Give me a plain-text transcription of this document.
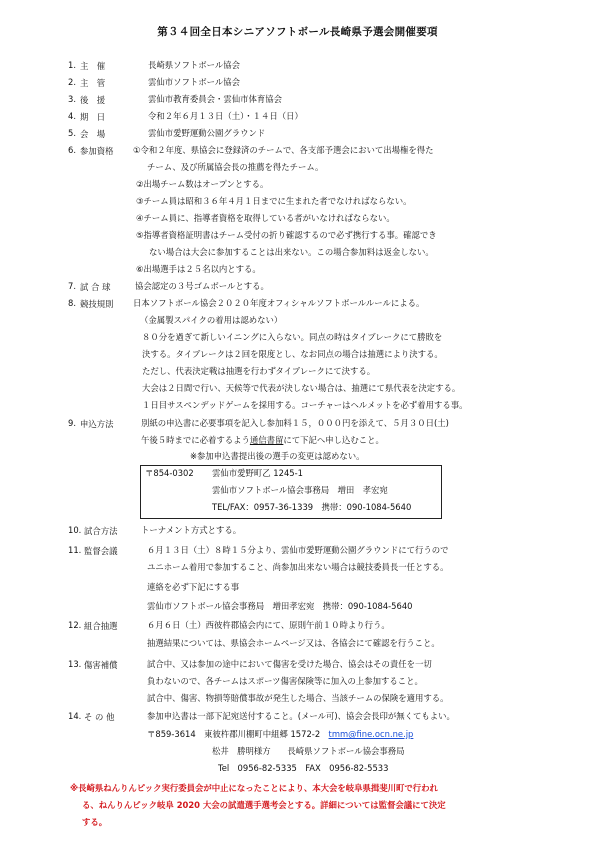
第３４回全日本シニアソフトボール長崎県予選会開催要項
1. 主　催	長崎県ソフトボール協会
2. 主　管	雲仙市ソフトボール協会
3. 後　援	雲仙市教育委員会・雲仙市体育協会
4. 期　日	令和２年６月１３日（土）・１４日（日）
5. 会　場	雲仙市愛野運動公園グラウンド
6. 参加資格 ①令和２年度、県協会に登録済のチームで、各支部予選会において出場権を得た
チーム、及び所属協会長の推薦を得たチーム。
②出場チーム数はオープンとする。
③チーム員は昭和３６年４月１日までに生まれた者でなければならない。
④チーム員に、指導者資格を取得している者がいなければならない。
⑤指導者資格証明書はチーム受付の折り確認するので必ず携行する事。確認でき
ない場合は大会に参加することは出来ない。この場合参加料は返金しない。
⑥出場選手は２５名以内とする。
7. 試 合 球	協会認定の３号ゴムボールとする。
8. 競技規則 日本ソフトボール協会２０２０年度オフィシャルソフトボールルールによる。
（金属製スパイクの着用は認めない）
８０分を過ぎて新しいイニングに入らない。同点の時はタイブレークにて勝敗を
決する。タイブレークは２回を限度とし、なお同点の場合は抽選により決する。
ただし、代表決定戦は抽選を行わずタイブレークにて決する。
大会は２日間で行い、天候等で代表が決しない場合は、抽選にて県代表を決定する。
１日目サスペンデッドゲームを採用する。コーチャーはヘルメットを必ず着用する事。
9. 申込方法	別紙の申込書に必要事項を記入し参加料１５，０００円を添えて、５月３０日(土)
午後５時までに必着するよう通信書留にて下記へ申し込むこと。
※参加申込書提出後の選手の変更は認めない。
〒854-0302 雲仙市愛野町乙 1245-1
雲仙市ソフトボール協会事務局　増田　孝宏宛
TEL/FAX：0957-36-1339　携帯：090-1084-5640
10. 試合方法	トーナメント方式とする。
11. 監督会議	６月１３日（土）８時１５分より、雲仙市愛野運動公園グラウンドにて行うので
ユニホーム着用で参加すること、尚参加出来ない場合は競技委員長一任とする。
連絡を必ず下記にする事
雲仙市ソフトボール協会事務局　増田孝宏宛　携帯：090-1084-5640
12. 組合抽選	６月６日（土）西彼杵郡協会内にて、原則午前１０時より行う。
抽選結果については、県協会ホームページ又は、各協会にて確認を行うこと。
13. 傷害補償	試合中、又は参加の途中において傷害を受けた場合、協会はその責任を一切
負わないので、各チームはスポーツ傷害保険等に加入の上参加すること。
試合中、傷害、物損等賠償事故が発生した場合、当該チームの保険を適用する。
14. そ の 他	参加申込書は一部下記宛送付すること。(メール可)、協会会長印が無くてもよい。
〒859-3614　東彼杵郡川棚町中組郷 1572-2　 tmm@fine.ocn.ne.jp
松井　勝明様方　　長崎県ソフトボール協会事務局
Tel　0956-82-5335　FAX　0956-82-5533
※長崎県ねんりんピック実行委員会が中止になったことにより、本大会を岐阜県揖斐川町で行われ
る、ねんりんピック岐阜 2020 大会の試遣選手選考会とする。詳細については監督会議にて決定
する。
